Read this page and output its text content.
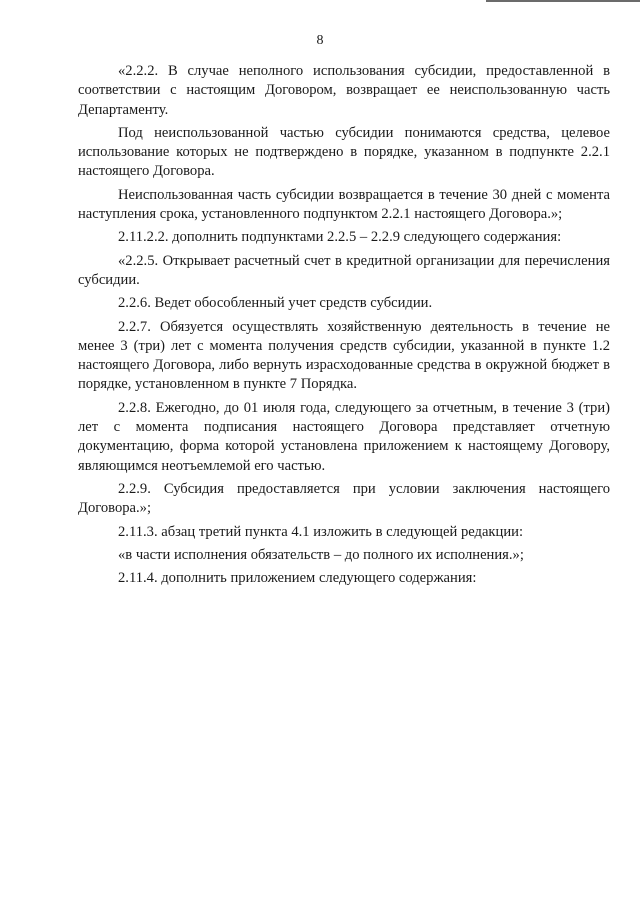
8

«2.2.2. В случае неполного использования субсидии, предоставленной в соответствии с настоящим Договором, возвращает ее неиспользованную часть Департаменту.

Под неиспользованной частью субсидии понимаются средства, целевое использование которых не подтверждено в порядке, указанном в подпункте 2.2.1 настоящего Договора.

Неиспользованная часть субсидии возвращается в течение 30 дней с момента наступления срока, установленного подпунктом 2.2.1 настоящего Договора.»;

2.11.2.2. дополнить подпунктами 2.2.5 – 2.2.9 следующего содержания:

«2.2.5. Открывает расчетный счет в кредитной организации для перечисления субсидии.

2.2.6. Ведет обособленный учет средств субсидии.

2.2.7. Обязуется осуществлять хозяйственную деятельность в течение не менее 3 (три) лет с момента получения средств субсидии, указанной в пункте 1.2 настоящего Договора, либо вернуть израсходованные средства в окружной бюджет в порядке, установленном в пункте 7 Порядка.

2.2.8. Ежегодно, до 01 июля года, следующего за отчетным, в течение 3 (три) лет с момента подписания настоящего Договора представляет отчетную документацию, форма которой установлена приложением к настоящему Договору, являющимся неотъемлемой его частью.

2.2.9. Субсидия предоставляется при условии заключения настоящего Договора.»;

2.11.3. абзац третий пункта 4.1 изложить в следующей редакции:

«в части исполнения обязательств – до полного их исполнения.»;

2.11.4. дополнить приложением следующего содержания:
